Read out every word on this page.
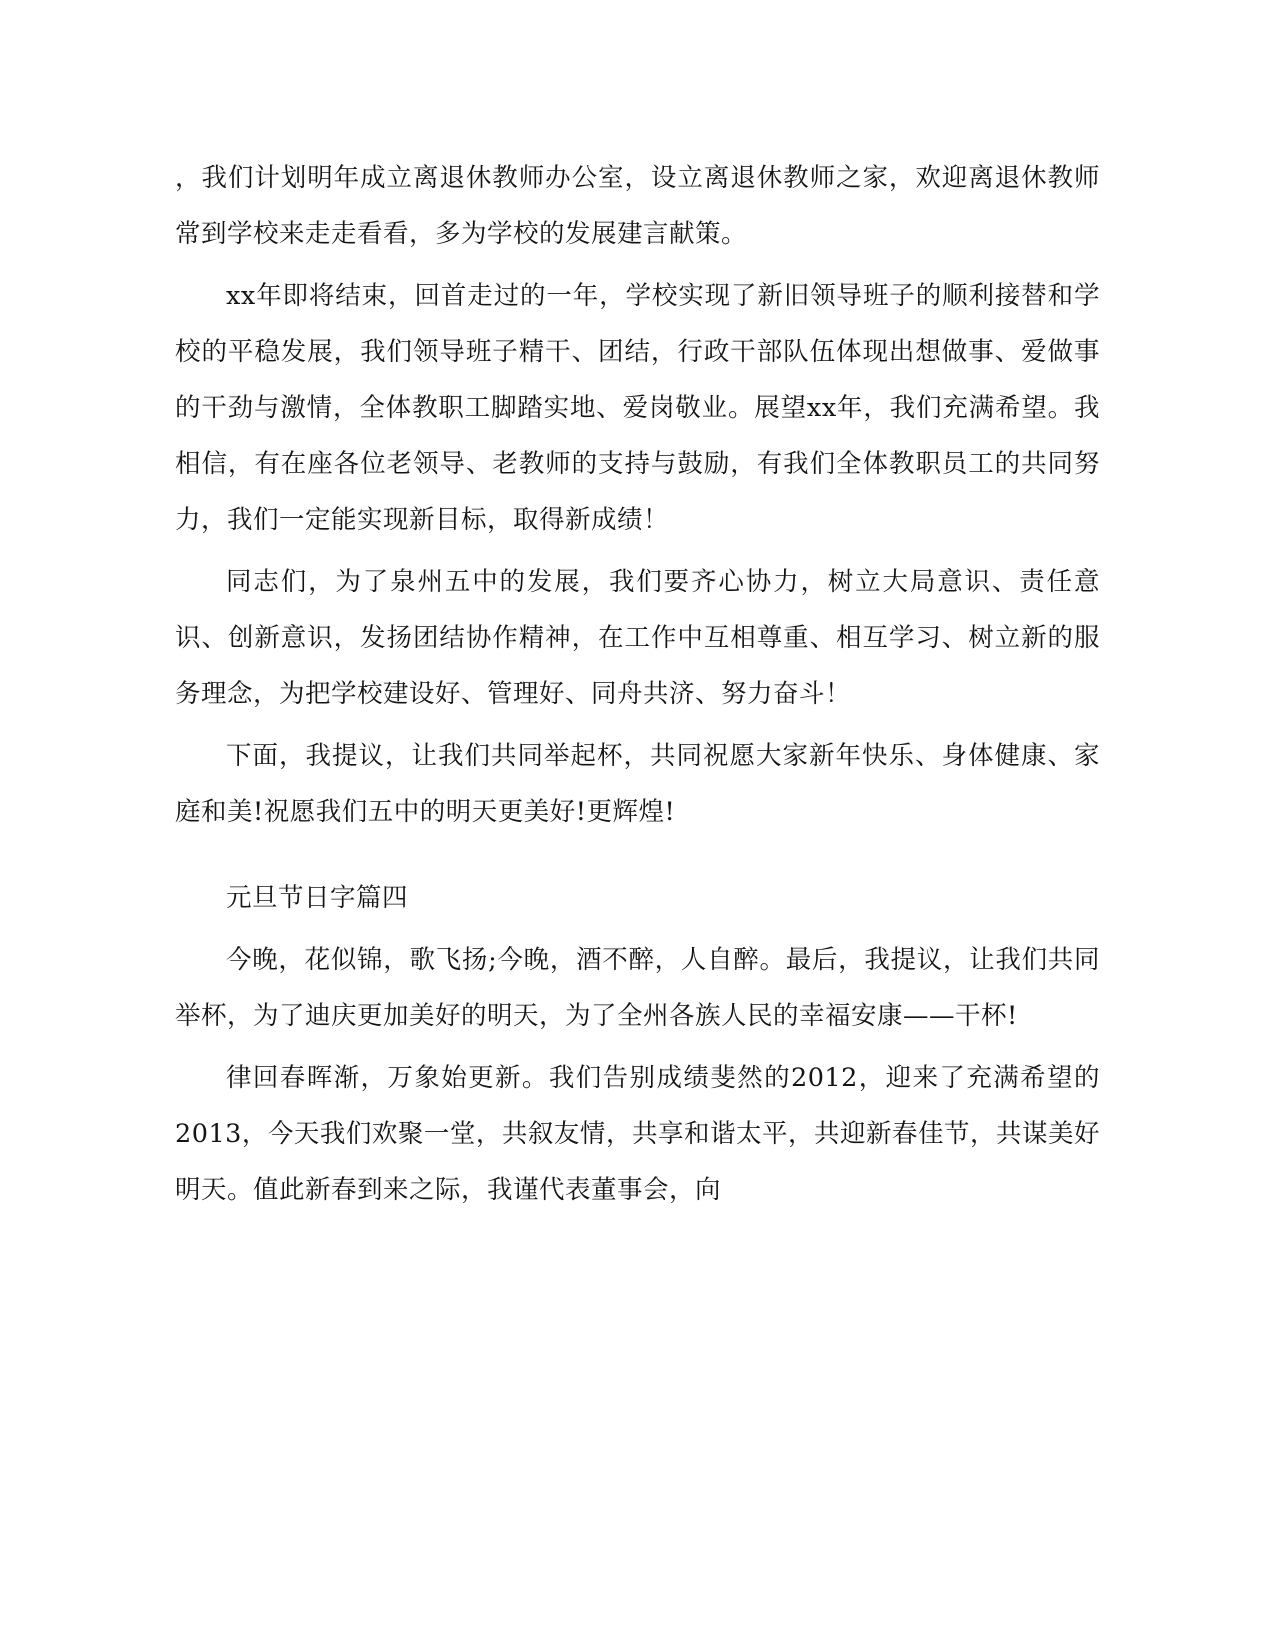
，我们计划明年成立离退休教师办公室，设立离退休教师之家，欢迎离退休教师常到学校来走走看看，多为学校的发展建言献策。

xx年即将结束，回首走过的一年，学校实现了新旧领导班子的顺利接替和学校的平稳发展，我们领导班子精干、团结，行政干部队伍体现出想做事、爱做事的干劲与激情，全体教职工脚踏实地、爱岗敬业。展望xx年，我们充满希望。我相信，有在座各位老领导、老教师的支持与鼓励，有我们全体教职员工的共同努力，我们一定能实现新目标，取得新成绩！

同志们，为了泉州五中的发展，我们要齐心协力，树立大局意识、责任意识、创新意识，发扬团结协作精神，在工作中互相尊重、相互学习、树立新的服务理念，为把学校建设好、管理好、同舟共济、努力奋斗！

下面，我提议，让我们共同举起杯，共同祝愿大家新年快乐、身体健康、家庭和美!祝愿我们五中的明天更美好!更辉煌!

元旦节日字篇四

今晚，花似锦，歌飞扬;今晚，酒不醉，人自醉。最后，我提议，让我们共同举杯，为了迪庆更加美好的明天，为了全州各族人民的幸福安康——干杯!

律回春晖渐，万象始更新。我们告别成绩斐然的2012，迎来了充满希望的2013，今天我们欢聚一堂，共叙友情，共享和谐太平，共迎新春佳节，共谋美好明天。值此新春到来之际，我谨代表董事会，向
